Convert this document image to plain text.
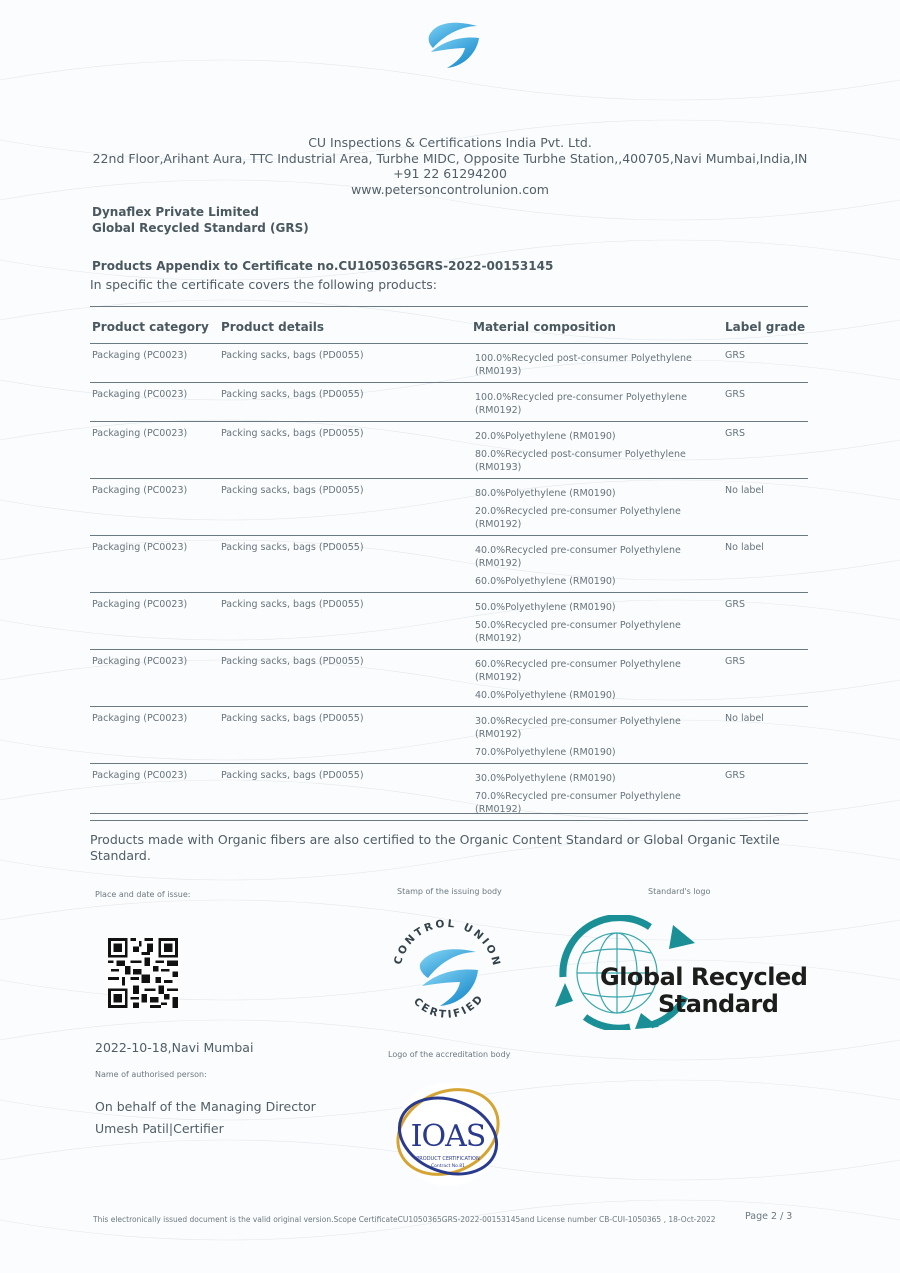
CU Inspections & Certifications India Pvt. Ltd.
22nd Floor,Arihant Aura, TTC Industrial Area, Turbhe MIDC, Opposite Turbhe Station,,400705,Navi Mumbai,India,IN
+91 22 61294200
www.petersoncontrolunion.com
Dynaflex Private Limited
Global Recycled Standard (GRS)
Products Appendix to Certificate no.CU1050365GRS-2022-00153145
In specific the certificate covers the following products:
Product category Product details	Material composition	Label grade
Packaging (PC0023)	Packing sacks, bags (PD0055)	100.0%Recycled post-consumer Polyethylene (RM0193)
GRS
Packaging (PC0023)	Packing sacks, bags (PD0055)	100.0%Recycled pre-consumer Polyethylene (RM0192)
GRS
Packaging (PC0023)	Packing sacks, bags (PD0055)	20.0%Polyethylene (RM0190)
80.0%Recycled post-consumer Polyethylene (RM0193)
GRS
Packaging (PC0023)	Packing sacks, bags (PD0055)	80.0%Polyethylene (RM0190)
20.0%Recycled pre-consumer Polyethylene (RM0192)
No label
Packaging (PC0023)	Packing sacks, bags (PD0055)	40.0%Recycled pre-consumer Polyethylene (RM0192)
60.0%Polyethylene (RM0190)
No label
Packaging (PC0023)	Packing sacks, bags (PD0055)	50.0%Polyethylene (RM0190)
50.0%Recycled pre-consumer Polyethylene (RM0192)
GRS
Packaging (PC0023)	Packing sacks, bags (PD0055)	60.0%Recycled pre-consumer Polyethylene (RM0192)
40.0%Polyethylene (RM0190)
GRS
Packaging (PC0023)	Packing sacks, bags (PD0055)	30.0%Recycled pre-consumer Polyethylene (RM0192)
70.0%Polyethylene (RM0190)
No label
Packaging (PC0023)	Packing sacks, bags (PD0055)	30.0%Polyethylene (RM0190)
70.0%Recycled pre-consumer Polyethylene (RM0192)
GRS
Products made with Organic fibers are also certified to the Organic Content Standard or Global Organic Textile Standard.
Place and date of issue:	Stamp of the issuing body	Standard's logo
2022-10-18,Navi Mumbai
Name of authorised person:
On behalf of the Managing Director
Umesh Patil|Certifier
CONTROL UNION
CERTIFIED
Global Recycled
Standard
Logo of the accreditation body
IOAS
PRODUCT CERTIFICATION
Contract No.81
This electronically issued document is the valid original version.Scope CertificateCU1050365GRS-2022-00153145and License number CB-CUI-1050365 , 18-Oct-2022	Page 2 / 3
